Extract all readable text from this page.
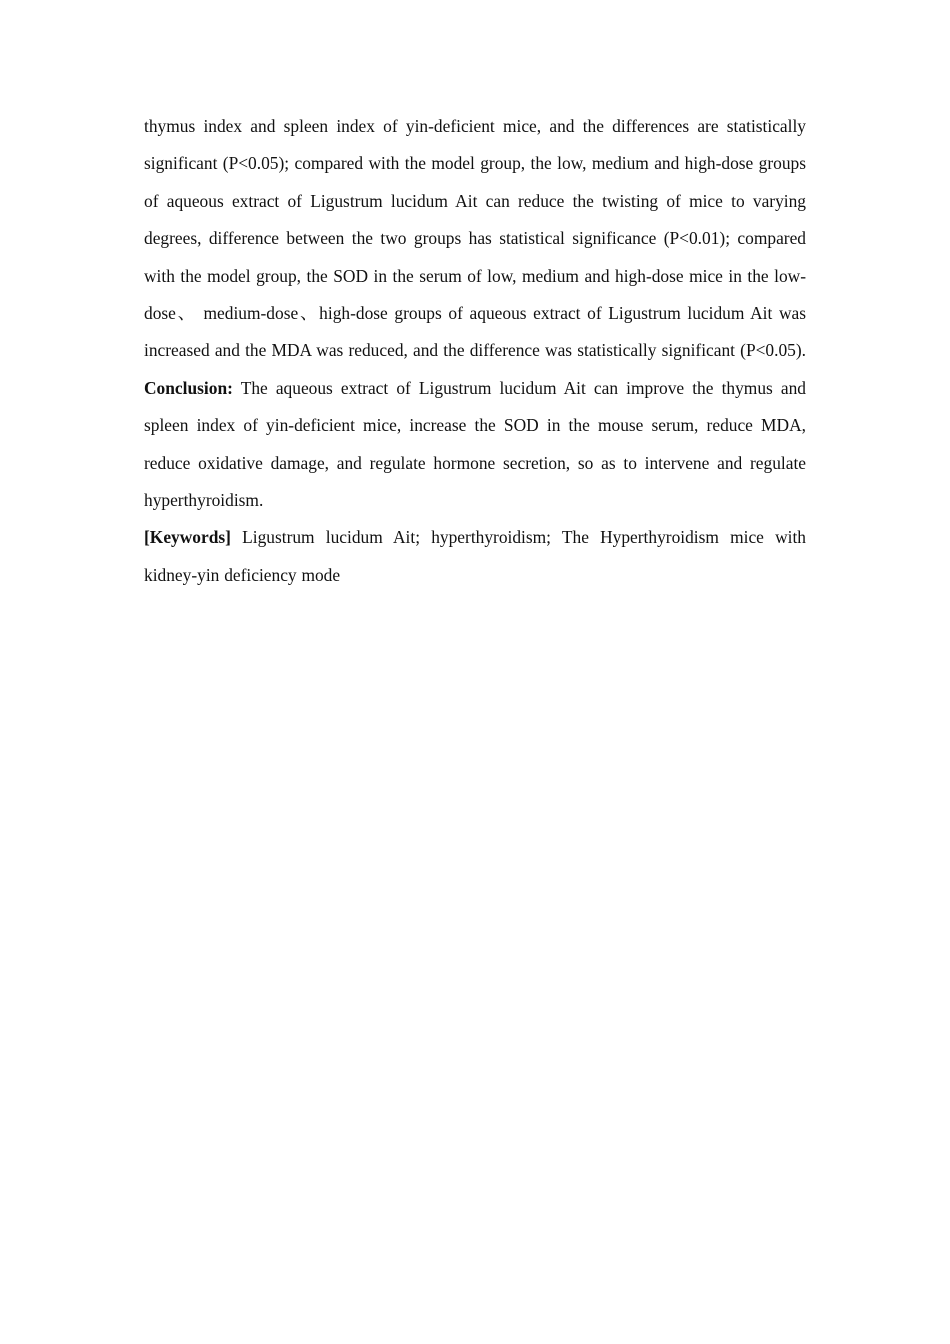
thymus index and spleen index of yin-deficient mice, and the differences are statistically significant (P<0.05); compared with the model group, the low, medium and high-dose groups of aqueous extract of Ligustrum lucidum Ait can reduce the twisting of mice to varying degrees, difference between the two groups has statistical significance (P<0.01); compared with the model group, the SOD in the serum of low, medium and high-dose mice in the low-dose、 medium-dose、high-dose groups of aqueous extract of Ligustrum lucidum Ait was increased and the MDA was reduced, and the difference was statistically significant (P<0.05). Conclusion: The aqueous extract of Ligustrum lucidum Ait can improve the thymus and spleen index of yin-deficient mice, increase the SOD in the mouse serum, reduce MDA, reduce oxidative damage, and regulate hormone secretion, so as to intervene and regulate hyperthyroidism.

[Keywords] Ligustrum lucidum Ait; hyperthyroidism; The Hyperthyroidism mice with kidney-yin deficiency mode
